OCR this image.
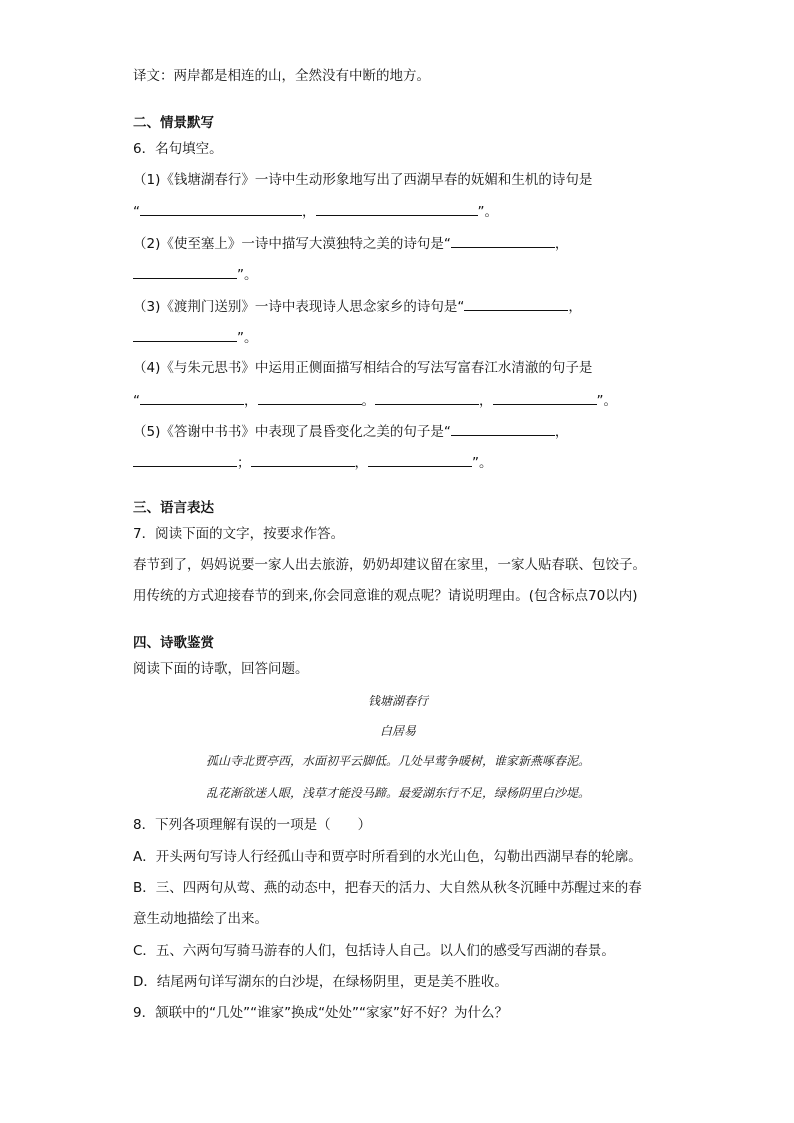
译文：两岸都是相连的山，全然没有中断的地方。
二、情景默写
6．名句填空。
（1)《钱塘湖春行》一诗中生动形象地写出了西湖早春的妩媚和生机的诗句是
“	，	”。
（2)《使至塞上》一诗中描写大漠独特之美的诗句是“	，
”。
（3)《渡荆门送别》一诗中表现诗人思念家乡的诗句是“	，
”。
（4)《与朱元思书》中运用正侧面描写相结合的写法写富春江水清澈的句子是
“	，	。	，	”。
（5)《答谢中书书》中表现了晨昏变化之美的句子是“	，
；	，	”。
三、语言表达
7．阅读下面的文字，按要求作答。
春节到了，妈妈说要一家人出去旅游，奶奶却建议留在家里，一家人贴春联、包饺子。
用传统的方式迎接春节的到来,你会同意谁的观点呢？请说明理由。(包含标点70以内)
四、诗歌鉴赏
阅读下面的诗歌，回答问题。
钱塘湖春行
白居易
孤山寺北贾亭西，水面初平云脚低。几处早莺争暖树，谁家新燕啄春泥。
乱花渐欲迷人眼，浅草才能没马蹄。最爱湖东行不足，绿杨阴里白沙堤。
8．下列各项理解有误的一项是（　　）
A．开头两句写诗人行经孤山寺和贾亭时所看到的水光山色，勾勒出西湖早春的轮廓。
B．三、四两句从莺、燕的动态中，把春天的活力、大自然从秋冬沉睡中苏醒过来的春
意生动地描绘了出来。
C．五、六两句写骑马游春的人们，包括诗人自己。以人们的感受写西湖的春景。
D．结尾两句详写湖东的白沙堤，在绿杨阴里，更是美不胜收。
9．颔联中的“几处”“谁家”换成“处处”“家家”好不好？为什么？
